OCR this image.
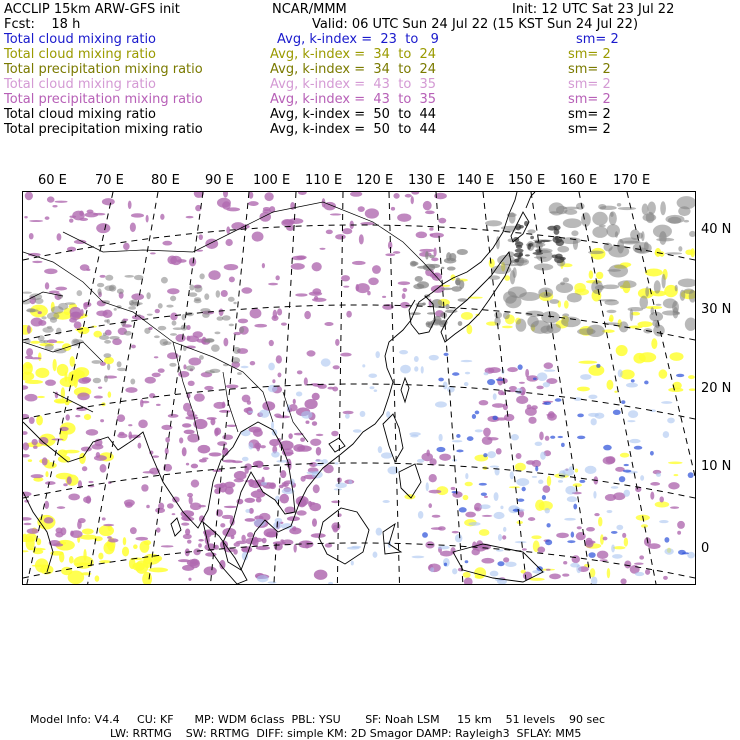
ACCLIP 15km ARW-GFS init
Fcst:    18 h
NCAR/MMM	Init: 12 UTC Sat 23 Jul 22
Valid: 06 UTC Sun 24 Jul 22 (15 KST Sun 24 Jul 22)
Total cloud mixing ratio	Avg, k-index =  23  to   9	sm= 2
Total cloud mixing ratio	Avg, k-index =  34  to  24	sm= 2
Total precipitation mixing ratio	Avg, k-index =  34  to  24	sm= 2
Total cloud mixing ratio	Avg, k-index =  43  to  35	sm= 2
Total precipitation mixing ratio	Avg, k-index =  43  to  35	sm= 2
Total cloud mixing ratio	Avg, k-index =  50  to  44	sm= 2
Total precipitation mixing ratio	Avg, k-index =  50  to  44	sm= 2
60 E 70 E 80 E 90 E 100 E 110 E 120 E 130 E 140 E 150 E 160 E 170 E
40 N
30 N
20 N
10 N
0
Model Info: V4.4     CU: KF      MP: WDM 6class  PBL: YSU       SF: Noah LSM     15 km    51 levels    90 sec
LW: RRTMG    SW: RRTMG  DIFF: simple KM: 2D Smagor DAMP: Rayleigh3  SFLAY: MM5
